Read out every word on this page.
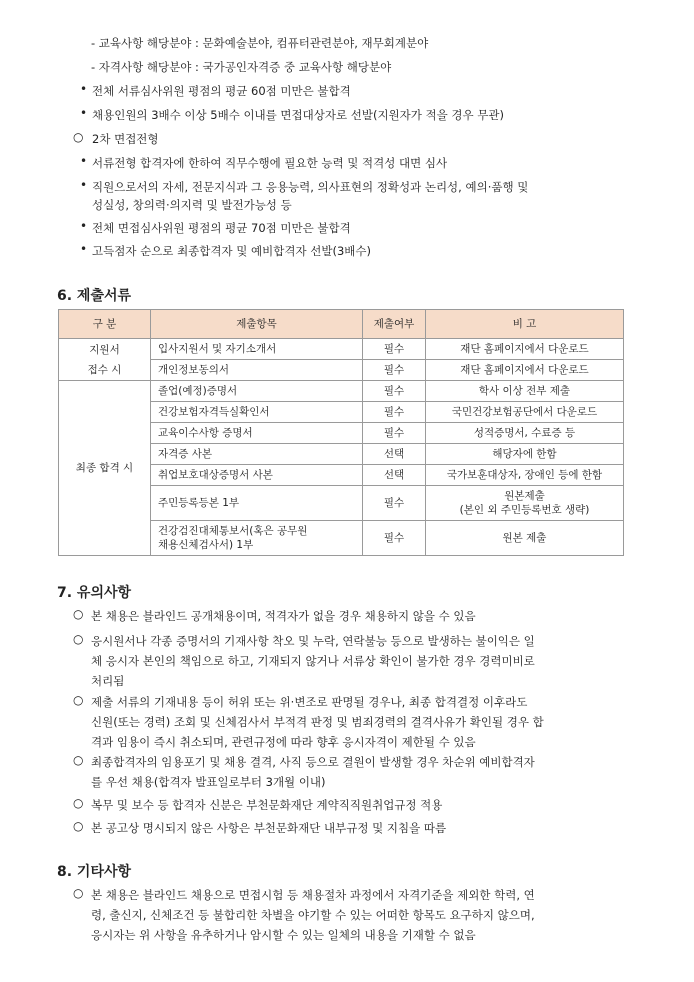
- 교육사항 해당분야 : 문화예술분야, 컴퓨터관련분야, 재무회계분야
- 자격사항 해당분야 : 국가공인자격증 중 교육사항 해당분야
• 전체 서류심사위원 평점의 평균 60점 미만은 불합격
• 채용인원의 3배수 이상 5배수 이내를 면접대상자로 선발(지원자가 적을 경우 무관)
○ 2차 면접전형
• 서류전형 합격자에 한하여 직무수행에 필요한 능력 및 적격성 대면 심사
• 직원으로서의 자세, 전문지식과 그 응용능력, 의사표현의 정확성과 논리성, 예의·품행 및
성실성, 창의력·의지력 및 발전가능성 등
• 전체 면접심사위원 평점의 평균 70점 미만은 불합격
• 고득점자 순으로 최종합격자 및 예비합격자 선발(3배수)
6. 제출서류
구 분	제출항목	제출여부	비 고

지원서
접수 시	입사지원서 및 자기소개서	필수	재단 홈페이지에서 다운로드
	개인정보동의서	필수	재단 홈페이지에서 다운로드
최종 합격 시	졸업(예정)증명서	필수	학사 이상 전부 제출
	건강보험자격득실확인서	필수	국민건강보험공단에서 다운로드
	교육이수사항 증명서	필수	성적증명서, 수료증 등
	자격증 사본	선택	해당자에 한함
	취업보호대상증명서 사본	선택	국가보훈대상자, 장애인 등에 한함
	주민등록등본 1부	필수	원본제출
(본인 외 주민등록번호 생략)

	건강검진대체통보서(혹은 공무원
채용신체검사서) 1부	필수	원본 제출
7. 유의사항
○ 본 채용은 블라인드 공개채용이며, 적격자가 없을 경우 채용하지 않을 수 있음
○ 응시원서나 각종 증명서의 기재사항 착오 및 누락, 연락불능 등으로 발생하는 불이익은 일
체 응시자 본인의 책임으로 하고, 기재되지 않거나 서류상 확인이 불가한 경우 경력미비로
처리됨
○ 제출 서류의 기재내용 등이 허위 또는 위·변조로 판명될 경우나, 최종 합격결정 이후라도
신원(또는 경력) 조회 및 신체검사서 부적격 판정 및 범죄경력의 결격사유가 확인될 경우 합
격과 임용이 즉시 취소되며, 관련규정에 따라 향후 응시자격이 제한될 수 있음
○ 최종합격자의 임용포기 및 채용 결격, 사직 등으로 결원이 발생할 경우 차순위 예비합격자
를 우선 채용(합격자 발표일로부터 3개월 이내)
○ 복무 및 보수 등 합격자 신분은 부천문화재단 계약직직원취업규정 적용
○ 본 공고상 명시되지 않은 사항은 부천문화재단 내부규정 및 지침을 따름
8. 기타사항
○ 본 채용은 블라인드 채용으로 면접시험 등 채용절차 과정에서 자격기준을 제외한 학력, 연
령, 출신지, 신체조건 등 불합리한 차별을 야기할 수 있는 어떠한 항목도 요구하지 않으며,
응시자는 위 사항을 유추하거나 암시할 수 있는 일체의 내용을 기재할 수 없음
